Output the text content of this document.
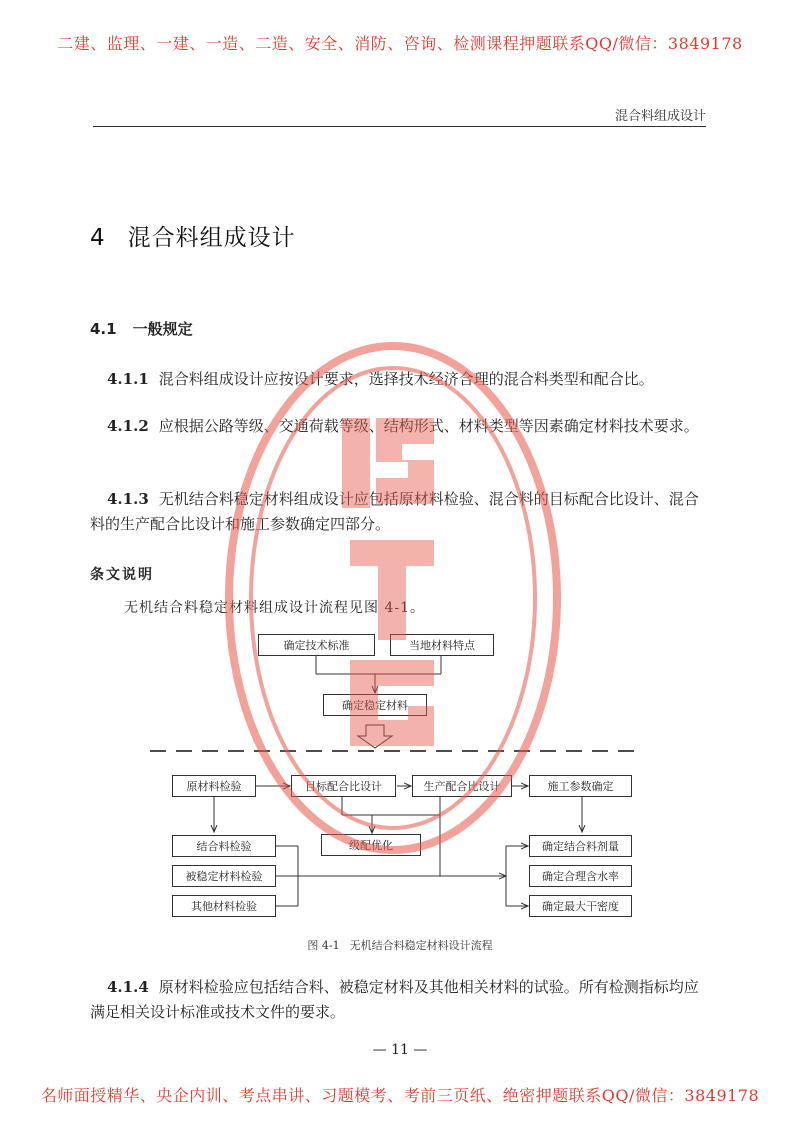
二建、监理、一建、一造、二造、安全、消防、咨询、检测课程押题联系QQ/微信：3849178
混合料组成设计
4 混合料组成设计
4.1 一般规定
4.1.1 混合料组成设计应按设计要求，选择技术经济合理的混合料类型和配合比。
4.1.2 应根据公路等级、交通荷载等级、结构形式、材料类型等因素确定材料技术要求。
4.1.3 无机结合料稳定材料组成设计应包括原材料检验、混合料的目标配合比设计、混合料的生产配合比设计和施工参数确定四部分。
条文说明
无机结合料稳定材料组成设计流程见图 4-1。
确定技术标准	当地材料特点
确定稳定材料
原材料检验	目标配合比设计	生产配合比设计	施工参数确定
结合料检验
被稳定材料检验
其他材料检验
级配优化	确定结合料剂量
确定合理含水率
确定最大干密度
图 4-1 无机结合料稳定材料设计流程
4.1.4 原材料检验应包括结合料、被稳定材料及其他相关材料的试验。所有检测指标均应满足相关设计标准或技术文件的要求。
— 11 —
名师面授精华、央企内训、考点串讲、习题模考、考前三页纸、绝密押题联系QQ/微信：3849178
